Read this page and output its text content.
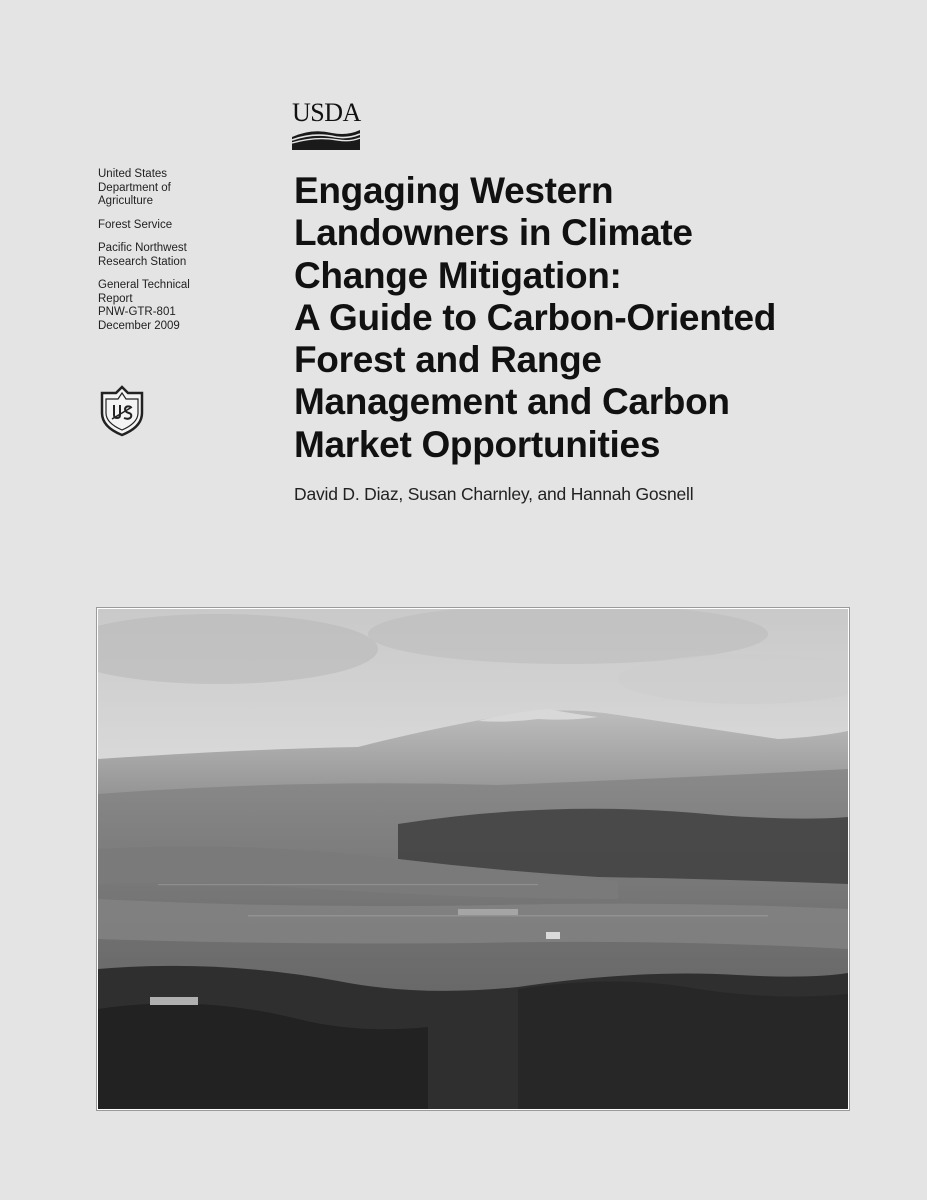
USDA
United States
Department of
Agriculture
Forest Service
Pacific Northwest
Research Station
General Technical
Report
PNW-GTR-801
December 2009
Engaging Western
Landowners in Climate
Change Mitigation:
A Guide to Carbon-Oriented
Forest and Range
Management and Carbon
Market Opportunities
David D. Diaz, Susan Charnley, and Hannah Gosnell
